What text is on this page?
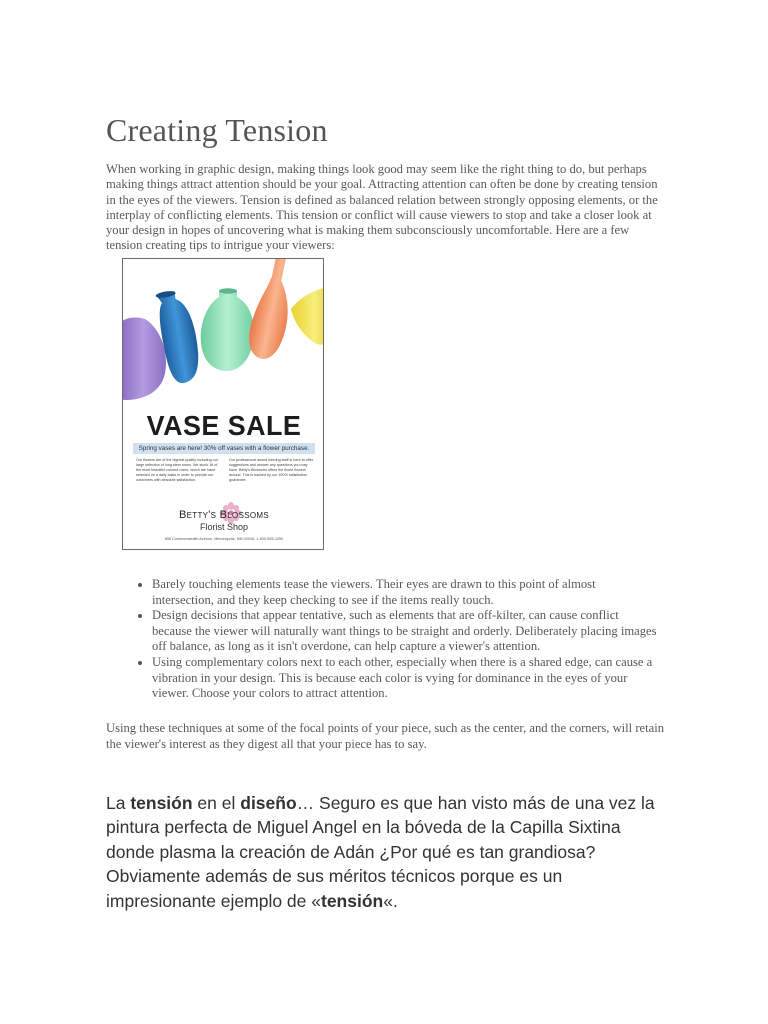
Creating Tension

When working in graphic design, making things look good may seem like the right thing to do, but perhaps making things attract attention should be your goal. Attracting attention can often be done by creating tension in the eyes of the viewers. Tension is defined as balanced relation between strongly opposing elements, or the interplay of conflicting elements. This tension or conflict will cause viewers to stop and take a closer look at your design in hopes of uncovering what is making them subconsciously uncomfortable. Here are a few tension creating tips to intrigue your viewers:

VASE SALE
Spring vases are here! 30% off vases with a flower purchase.
Our flowers are of the highest quality including our large selection of long stem roses. We stock 16 of the most beautiful colored roses, which are hand selected on a daily basis in order to provide our customers with absolute satisfaction.
Our professional award winning staff is here to offer suggestions and answer any questions you may have. Betty's Blossoms offers the finest flowers around. This is backed by our 100% satisfaction guarantee.
Betty's Blossoms
Florist Shop
856 Commonwealth Avenue, Minneapolis, MN 02016, 1-800-555-1250
• Barely touching elements tease the viewers. Their eyes are drawn to this point of almost intersection, and they keep checking to see if the items really touch.
• Design decisions that appear tentative, such as elements that are off-kilter, can cause conflict because the viewer will naturally want things to be straight and orderly. Deliberately placing images off balance, as long as it isn't overdone, can help capture a viewer's attention.
• Using complementary colors next to each other, especially when there is a shared edge, can cause a vibration in your design. This is because each color is vying for dominance in the eyes of your viewer. Choose your colors to attract attention.

Using these techniques at some of the focal points of your piece, such as the center, and the corners, will retain the viewer's interest as they digest all that your piece has to say.

La tensión en el diseño… Seguro es que han visto más de una vez la pintura perfecta de Miguel Angel en la bóveda de la Capilla Sixtina donde plasma la creación de Adán ¿Por qué es tan grandiosa? Obviamente además de sus méritos técnicos porque es un impresionante ejemplo de «tensión«.
